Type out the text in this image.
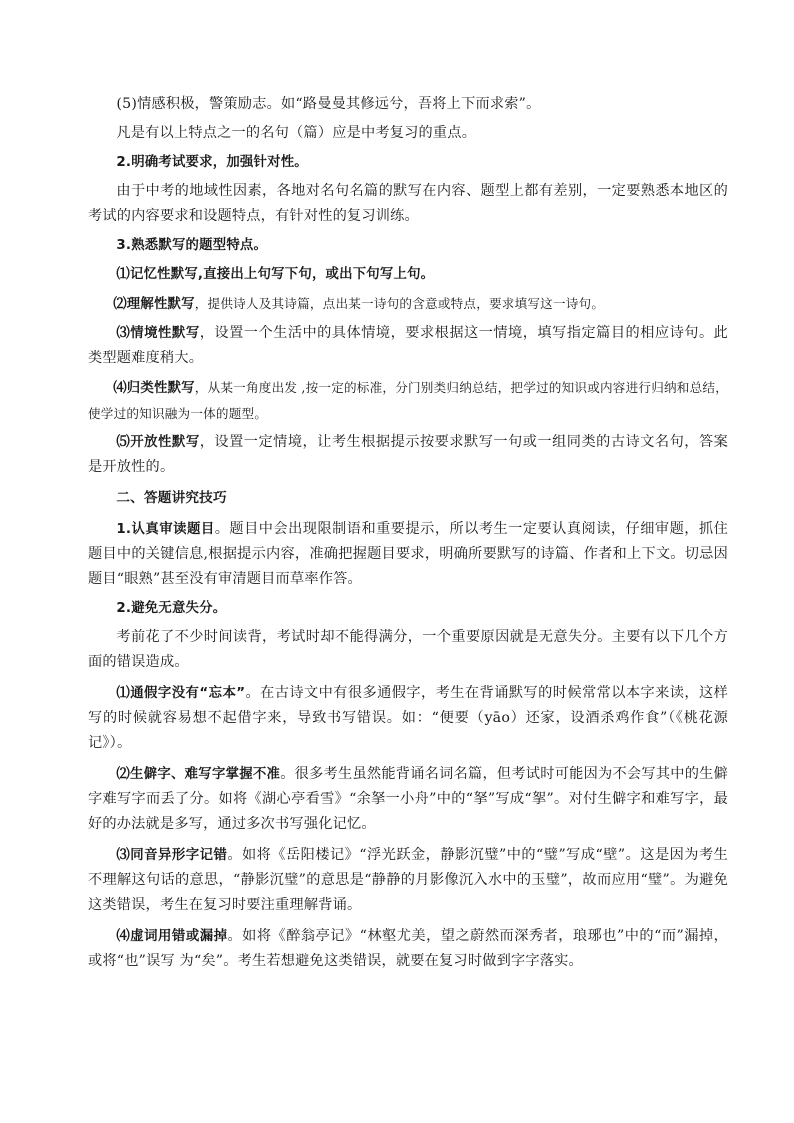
(5)情感积极，警策励志。如“路曼曼其修远兮，吾将上下而求索”。

凡是有以上特点之一的名句（篇）应是中考复习的重点。

2.明确考试要求，加强针对性。

由于中考的地域性因素，各地对名句名篇的默写在内容、题型上都有差别，一定要熟悉本地区的考试的内容要求和设题特点，有针对性的复习训练。

3.熟悉默写的题型特点。

⑴记忆性默写,直接出上句写下句，或出下句写上句。

⑵理解性默写，提供诗人及其诗篇，点出某一诗句的含意或特点，要求填写这一诗句。

⑶情境性默写，设置一个生活中的具体情境，要求根据这一情境，填写指定篇目的相应诗句。此类型题难度稍大。

⑷归类性默写，从某一角度出发 ,按一定的标准，分门别类归纳总结，把学过的知识或内容进行归纳和总结，使学过的知识融为一体的题型。

⑸开放性默写，设置一定情境，让考生根据提示按要求默写一句或一组同类的古诗文名句，答案是开放性的。

二、答题讲究技巧

1.认真审读题目。题目中会出现限制语和重要提示，所以考生一定要认真阅读，仔细审题，抓住题目中的关键信息,根据提示内容，准确把握题目要求，明确所要默写的诗篇、作者和上下文。切忌因题目“眼熟”甚至没有审清题目而草率作答。

2.避免无意失分。

考前花了不少时间读背，考试时却不能得满分，一个重要原因就是无意失分。主要有以下几个方面的错误造成。

⑴通假字没有“忘本”。在古诗文中有很多通假字，考生在背诵默写的时候常常以本字来读，这样写的时候就容易想不起借字来，导致书写错误。如：“便要（yāo）还家，设酒杀鸡作食”（《桃花源记》）。

⑵生僻字、难写字掌握不准。很多考生虽然能背诵名词名篇，但考试时可能因为不会写其中的生僻字难写字而丢了分。如将《湖心亭看雪》“余拏一小舟”中的“拏”写成“挐”。对付生僻字和难写字，最好的办法就是多写，通过多次书写强化记忆。

⑶同音异形字记错。如将《岳阳楼记》“浮光跃金，静影沉璧”中的“璧”写成“壁”。这是因为考生不理解这句话的意思，“静影沉璧”的意思是“静静的月影像沉入水中的玉璧”，故而应用“璧”。为避免这类错误，考生在复习时要注重理解背诵。

⑷虚词用错或漏掉。如将《醉翁亭记》“林壑尤美，望之蔚然而深秀者，琅琊也”中的“而”漏掉，或将“也”误写 为“矣”。考生若想避免这类错误，就要在复习时做到字字落实。
